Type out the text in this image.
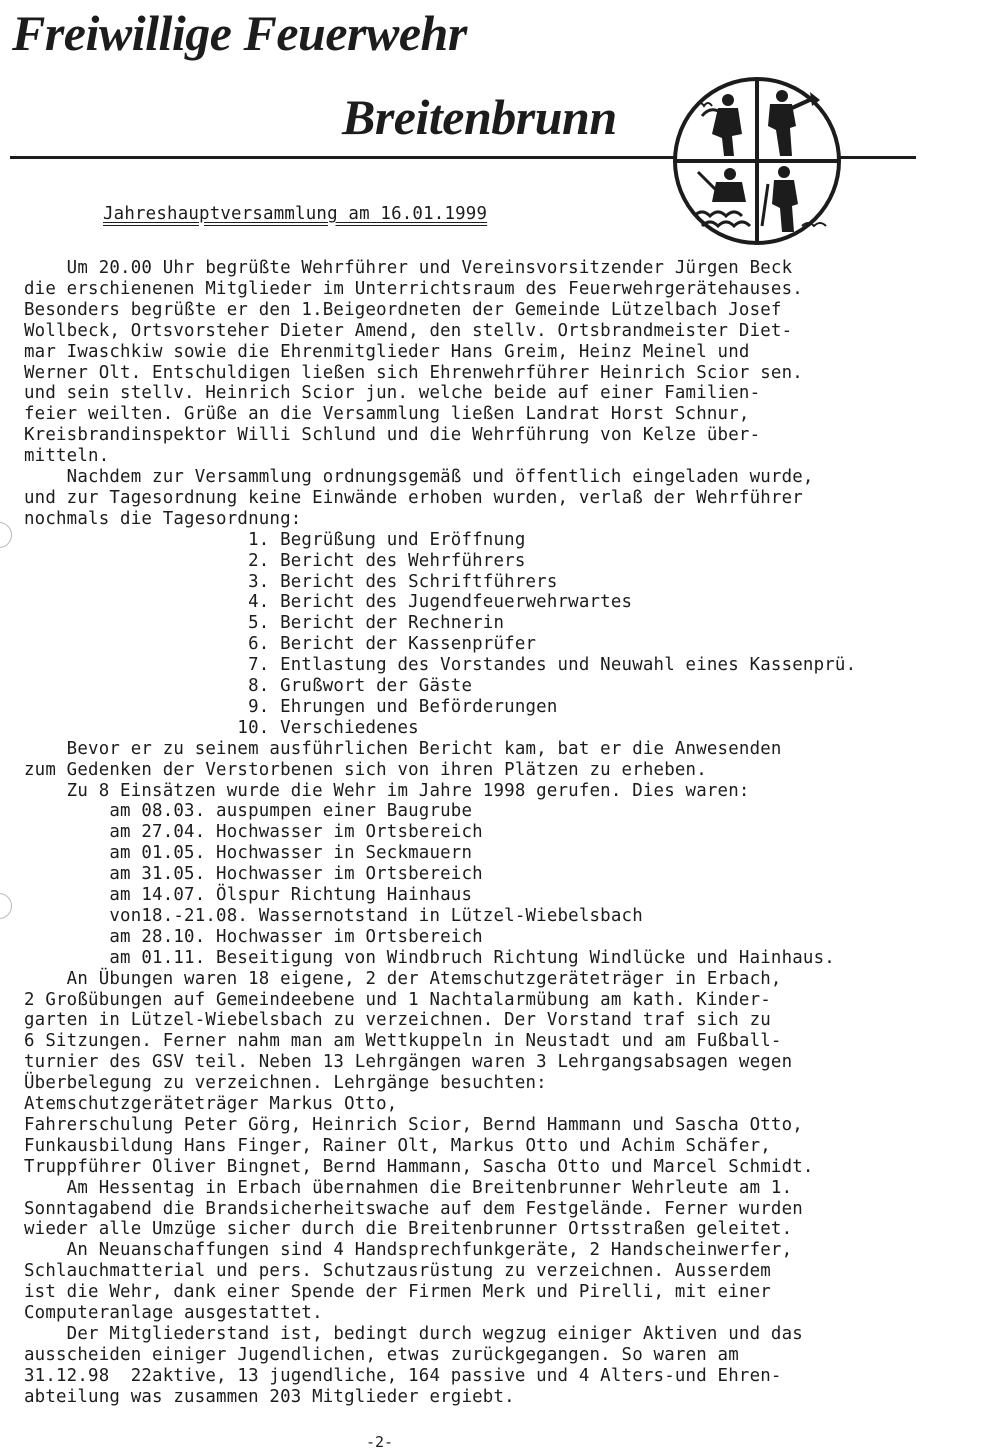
Freiwillige Feuerwehr
Breitenbrunn
Jahreshauptversammlung am 16.01.1999
Um 20.00 Uhr begrüßte Wehrführer und Vereinsvorsitzender Jürgen Beck
die erschienenen Mitglieder im Unterrichtsraum des Feuerwehrgerätehauses.
Besonders begrüßte er den 1.Beigeordneten der Gemeinde Lützelbach Josef
Wollbeck, Ortsvorsteher Dieter Amend, den stellv. Ortsbrandmeister Diet-
mar Iwaschkiw sowie die Ehrenmitglieder Hans Greim, Heinz Meinel und
Werner Olt. Entschuldigen ließen sich Ehrenwehrführer Heinrich Scior sen.
und sein stellv. Heinrich Scior jun. welche beide auf einer Familien-
feier weilten. Grüße an die Versammlung ließen Landrat Horst Schnur,
Kreisbrandinspektor Willi Schlund und die Wehrführung von Kelze über-
mitteln.
Nachdem zur Versammlung ordnungsgemäß und öffentlich eingeladen wurde,
und zur Tagesordnung keine Einwände erhoben wurden, verlaß der Wehrführer
nochmals die Tagesordnung:
1. Begrüßung und Eröffnung
2. Bericht des Wehrführers
3. Bericht des Schriftführers
4. Bericht des Jugendfeuerwehrwartes
5. Bericht der Rechnerin
6. Bericht der Kassenprüfer
7. Entlastung des Vorstandes und Neuwahl eines Kassenprü.
8. Grußwort der Gäste
9. Ehrungen und Beförderungen
10. Verschiedenes
Bevor er zu seinem ausführlichen Bericht kam, bat er die Anwesenden
zum Gedenken der Verstorbenen sich von ihren Plätzen zu erheben.
Zu 8 Einsätzen wurde die Wehr im Jahre 1998 gerufen. Dies waren:
am 08.03. auspumpen einer Baugrube
am 27.04. Hochwasser im Ortsbereich
am 01.05. Hochwasser in Seckmauern
am 31.05. Hochwasser im Ortsbereich
am 14.07. Ölspur Richtung Hainhaus
von18.-21.08. Wassernotstand in Lützel-Wiebelsbach
am 28.10. Hochwasser im Ortsbereich
am 01.11. Beseitigung von Windbruch Richtung Windlücke und Hainhaus.
An Übungen waren 18 eigene, 2 der Atemschutzgeräteträger in Erbach,
2 Großübungen auf Gemeindeebene und 1 Nachtalarmübung am kath. Kinder-
garten in Lützel-Wiebelsbach zu verzeichnen. Der Vorstand traf sich zu
6 Sitzungen. Ferner nahm man am Wettkuppeln in Neustadt und am Fußball-
turnier des GSV teil. Neben 13 Lehrgängen waren 3 Lehrgangsabsagen wegen
Überbelegung zu verzeichnen. Lehrgänge besuchten:
Atemschutzgeräteträger Markus Otto,
Fahrerschulung Peter Görg, Heinrich Scior, Bernd Hammann und Sascha Otto,
Funkausbildung Hans Finger, Rainer Olt, Markus Otto und Achim Schäfer,
Truppführer Oliver Bingnet, Bernd Hammann, Sascha Otto und Marcel Schmidt.
Am Hessentag in Erbach übernahmen die Breitenbrunner Wehrleute am 1.
Sonntagabend die Brandsicherheitswache auf dem Festgelände. Ferner wurden
wieder alle Umzüge sicher durch die Breitenbrunner Ortsstraßen geleitet.
An Neuanschaffungen sind 4 Handsprechfunkgeräte, 2 Handscheinwerfer,
Schlauchmatterial und pers. Schutzausrüstung zu verzeichnen. Ausserdem
ist die Wehr, dank einer Spende der Firmen Merk und Pirelli, mit einer
Computeranlage ausgestattet.
Der Mitgliederstand ist, bedingt durch wegzug einiger Aktiven und das
ausscheiden einiger Jugendlichen, etwas zurückgegangen. So waren am
31.12.98  22aktive, 13 jugendliche, 164 passive und 4 Alters-und Ehren-
abteilung was zusammen 203 Mitglieder ergiebt.
-2-
